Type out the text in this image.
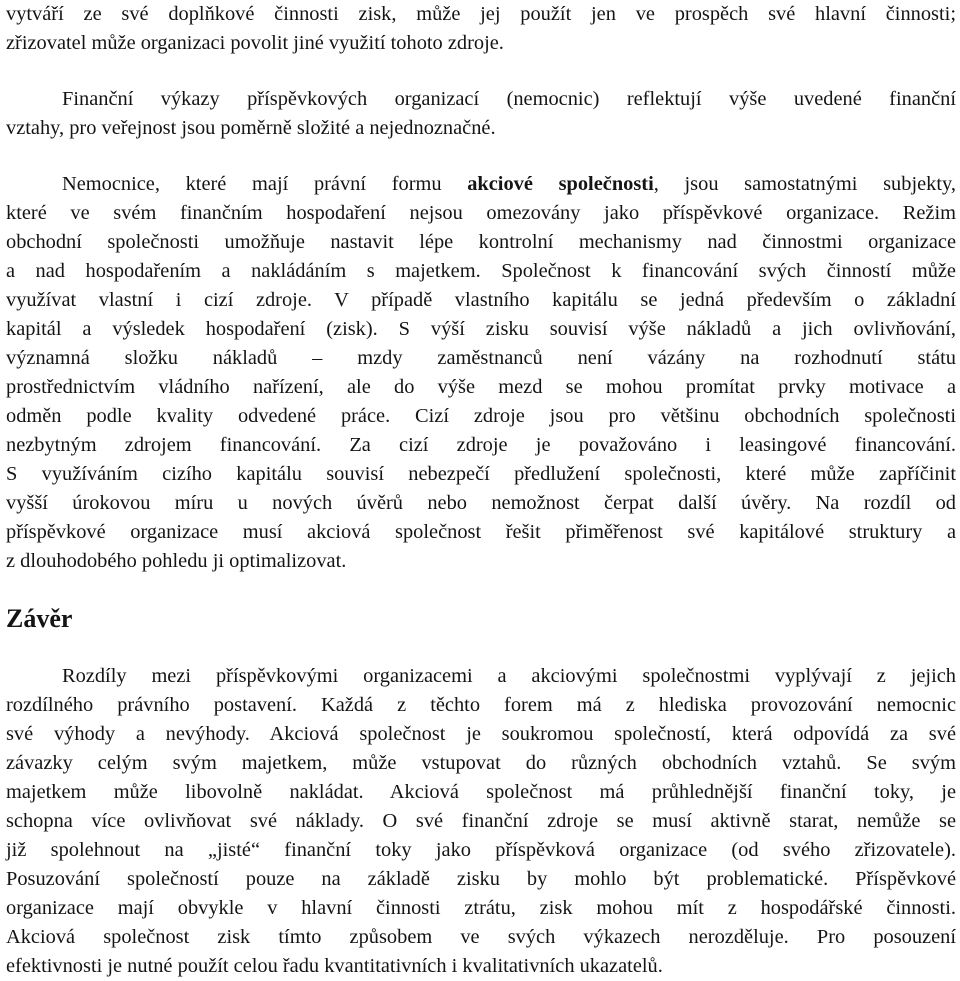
vytváří ze své doplňkové činnosti zisk, může jej použít jen ve prospěch své hlavní činnosti;

zřizovatel může organizaci povolit jiné využití tohoto zdroje.

Finanční výkazy příspěvkových organizací (nemocnic) reflektují výše uvedené finanční

vztahy, pro veřejnost jsou poměrně složité a nejednoznačné.

Nemocnice, které mají právní formu akciové společnosti, jsou samostatnými subjekty,

které ve svém finančním hospodaření nejsou omezovány jako příspěvkové organizace. Režim

obchodní společnosti umožňuje nastavit lépe kontrolní mechanismy nad činnostmi organizace

a nad hospodařením a nakládáním s majetkem. Společnost k financování svých činností může

využívat vlastní i cizí zdroje. V případě vlastního kapitálu se jedná především o základní

kapitál a výsledek hospodaření (zisk). S výší zisku souvisí výše nákladů a jich ovlivňování,

významná složku nákladů – mzdy zaměstnanců není vázány na rozhodnutí státu

prostřednictvím vládního nařízení, ale do výše mezd se mohou promítat prvky motivace a

odměn podle kvality odvedené práce. Cizí zdroje jsou pro většinu obchodních společnosti

nezbytným zdrojem financování. Za cizí zdroje je považováno i leasingové financování.

S využíváním cizího kapitálu souvisí nebezpečí předlužení společnosti, které může zapříčinit

vyšší úrokovou míru u nových úvěrů nebo nemožnost čerpat další úvěry. Na rozdíl od

příspěvkové organizace musí akciová společnost řešit přiměřenost své kapitálové struktury a

z dlouhodobého pohledu ji optimalizovat.

Závěr

Rozdíly mezi příspěvkovými organizacemi a akciovými společnostmi vyplývají z jejich

rozdílného právního postavení. Každá z těchto forem má z hlediska provozování nemocnic

své výhody a nevýhody. Akciová společnost je soukromou společností, která odpovídá za své

závazky celým svým majetkem, může vstupovat do různých obchodních vztahů. Se svým

majetkem může libovolně nakládat. Akciová společnost má průhlednější finanční toky, je

schopna více ovlivňovat své náklady. O své finanční zdroje se musí aktivně starat, nemůže se

již spolehnout na „jisté“ finanční toky jako příspěvková organizace (od svého zřizovatele).

Posuzování společností pouze na základě zisku by mohlo být problematické. Příspěvkové

organizace mají obvykle v hlavní činnosti ztrátu, zisk mohou mít z hospodářské činnosti.

Akciová společnost zisk tímto způsobem ve svých výkazech nerozděluje. Pro posouzení

efektivnosti je nutné použít celou řadu kvantitativních i kvalitativních ukazatelů.
